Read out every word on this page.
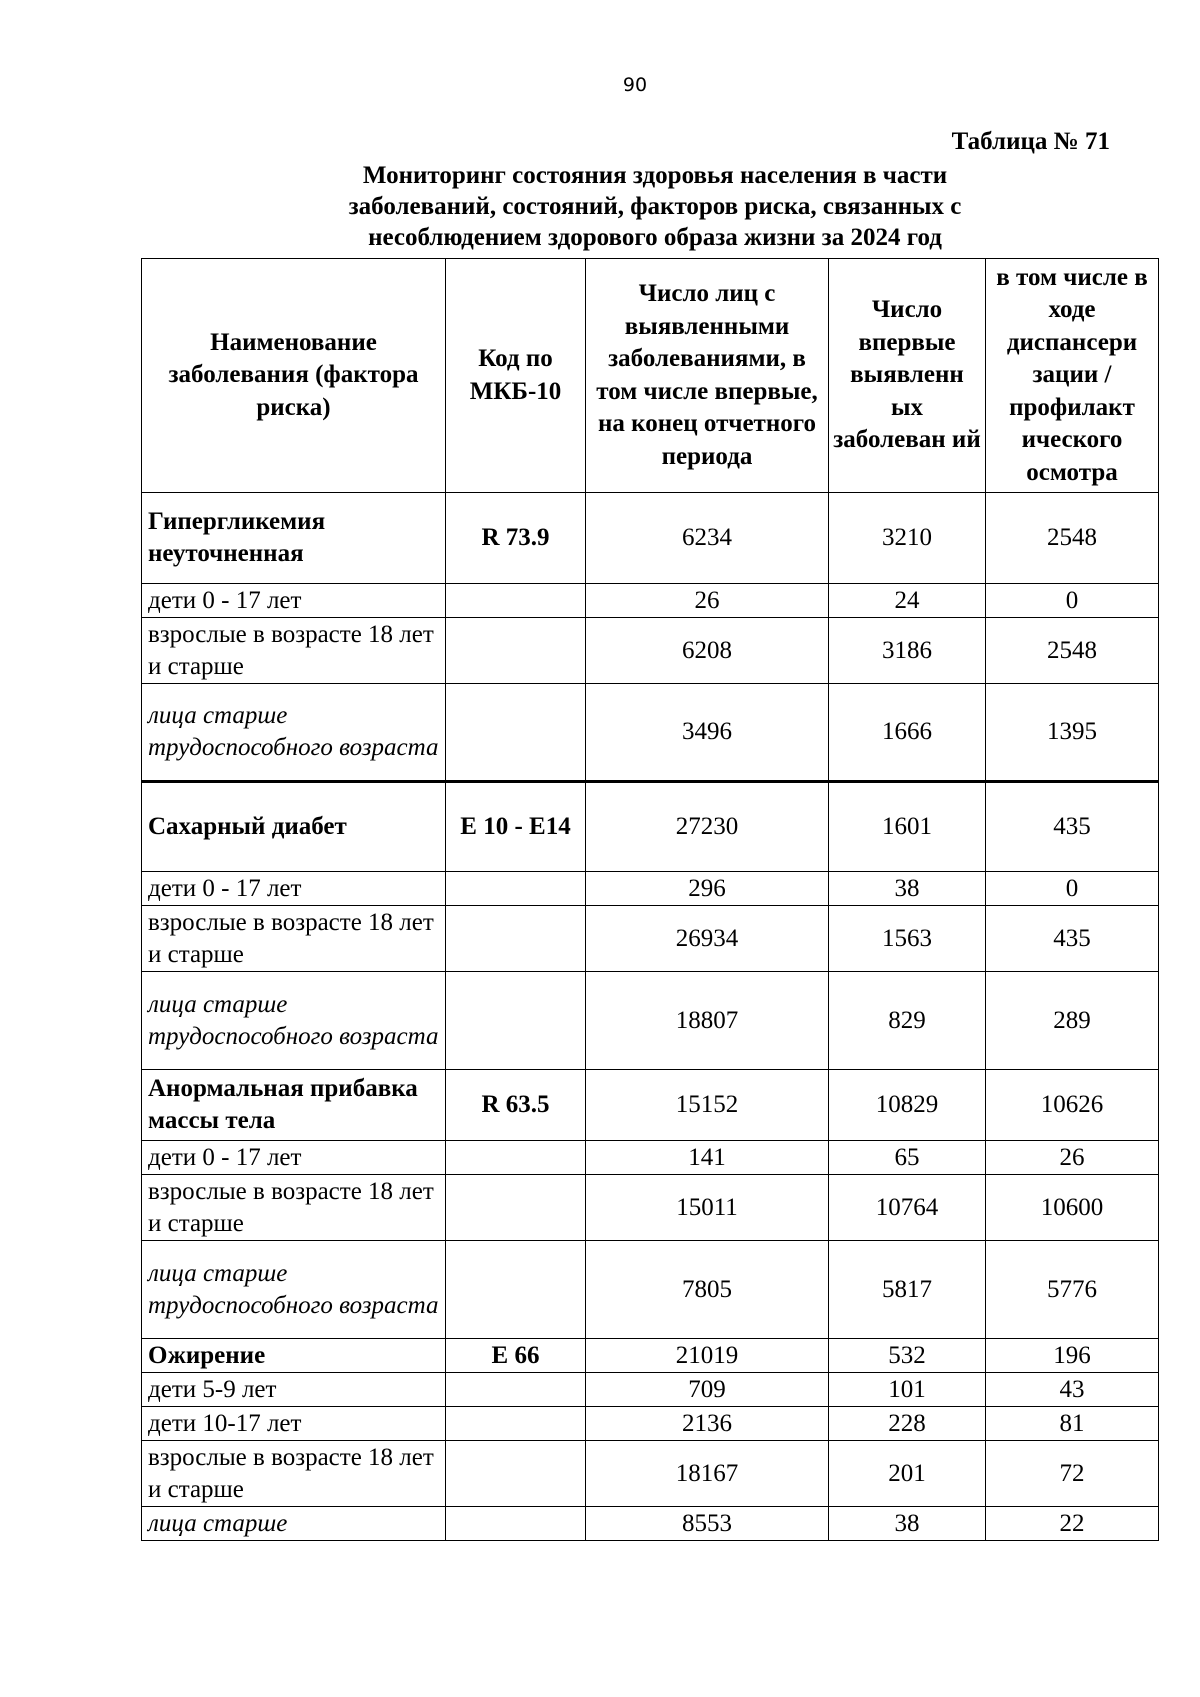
90
Таблица № 71
Мониторинг состояния здоровья населения в части
заболеваний, состояний, факторов риска, связанных с
несоблюдением здорового образа жизни за 2024 год
Наименование заболевания (фактора риска)	Код по МКБ-10	Число лиц с выявленными заболеваниями, в том числе впервые, на конец отчетного периода	Число впервые выявленн ых заболеван ий	в том числе в ходе диспансери зации / профилакт ического осмотра
Гипергликемия неуточненная	R 73.9	6234	3210	2548
дети 0 - 17 лет		26	24	0
взрослые в возрасте 18 лет и старше		6208	3186	2548
лица старше трудоспособного возраста		3496	1666	1395
Сахарный диабет	Е 10 - Е14	27230	1601	435
дети 0 - 17 лет		296	38	0
взрослые в возрасте 18 лет и старше		26934	1563	435
лица старше трудоспособного возраста		18807	829	289
Анормальная прибавка массы тела	R 63.5	15152	10829	10626
дети 0 - 17 лет		141	65	26
взрослые в возрасте 18 лет и старше		15011	10764	10600
лица старше трудоспособного возраста		7805	5817	5776
Ожирение	Е 66	21019	532	196
дети 5-9 лет		709	101	43
дети 10-17 лет		2136	228	81
взрослые в возрасте 18 лет и старше		18167	201	72
лица старше		8553	38	22
